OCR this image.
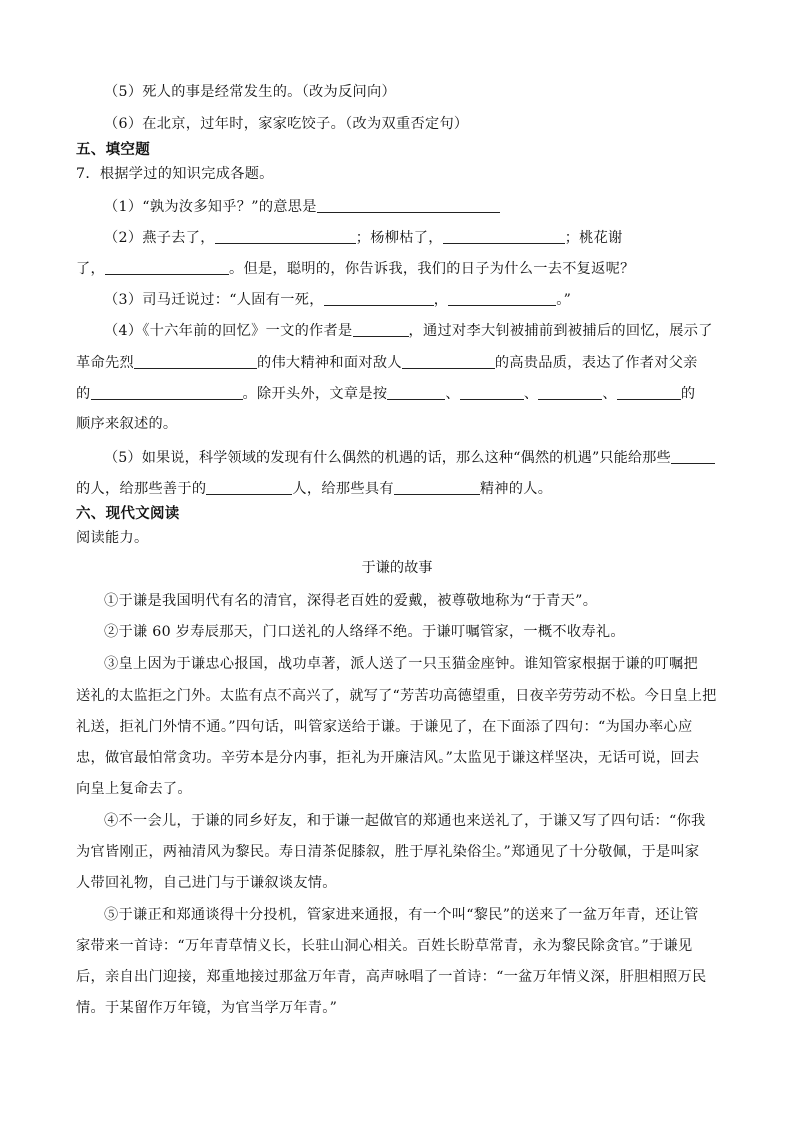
（5）死人的事是经常发生的。（改为反问向）
（6）在北京，过年时，家家吃饺子。（改为双重否定句）
五、填空题
7．根据学过的知识完成各题。
（1）“孰为汝多知乎？”的意思是
（2）燕子去了，	；杨柳枯了，	；桃花谢
了，	。但是，聪明的，你告诉我，我们的日子为什么一去不复返呢？
（3）司马迁说过：“人固有一死，	，	。”
（4）《十六年前的回忆》一文的作者是	，通过对李大钊被捕前到被捕后的回忆，展示了
革命先烈	的伟大精神和面对敌人	的高贵品质，表达了作者对父亲
的	。除开头外，文章是按	、	、	、	的
顺序来叙述的。
（5）如果说，科学领域的发现有什么偶然的机遇的话，那么这种“偶然的机遇”只能给那些
的人，给那些善于的	人，给那些具有	精神的人。
六、现代文阅读
阅读能力。
于谦的故事
①于谦是我国明代有名的清官，深得老百姓的爱戴，被尊敬地称为“于青天”。
②于谦 60 岁寿辰那天，门口送礼的人络绎不绝。于谦叮嘱管家，一概不收寿礼。
③皇上因为于谦忠心报国，战功卓著，派人送了一只玉猫金座钟。谁知管家根据于谦的叮嘱把
送礼的太监拒之门外。太监有点不高兴了，就写了“芳苦功高德望重，日夜辛劳劳动不松。今日皇上把
礼送，拒礼门外情不通。”四句话，叫管家送给于谦。于谦见了，在下面添了四句：“为国办率心应
忠，做官最怕常贪功。辛劳本是分内事，拒礼为开廉洁风。”太监见于谦这样坚决，无话可说，回去
向皇上复命去了。
④不一会儿，于谦的同乡好友，和于谦一起做官的郑通也来送礼了，于谦又写了四句话：“你我
为官皆刚正，两袖清风为黎民。寿日清茶促膝叙，胜于厚礼染俗尘。”郑通见了十分敬佩，于是叫家
人带回礼物，自己进门与于谦叙谈友情。
⑤于谦正和郑通谈得十分投机，管家进来通报，有一个叫“黎民”的送来了一盆万年青，还让管
家带来一首诗：“万年青草情义长，长驻山洞心相关。百姓长盼草常青，永为黎民除贪官。”于谦见
后，亲自出门迎接，郑重地接过那盆万年青，高声咏唱了一首诗：“一盆万年情义深，肝胆相照万民
情。于某留作万年镜，为官当学万年青。”
